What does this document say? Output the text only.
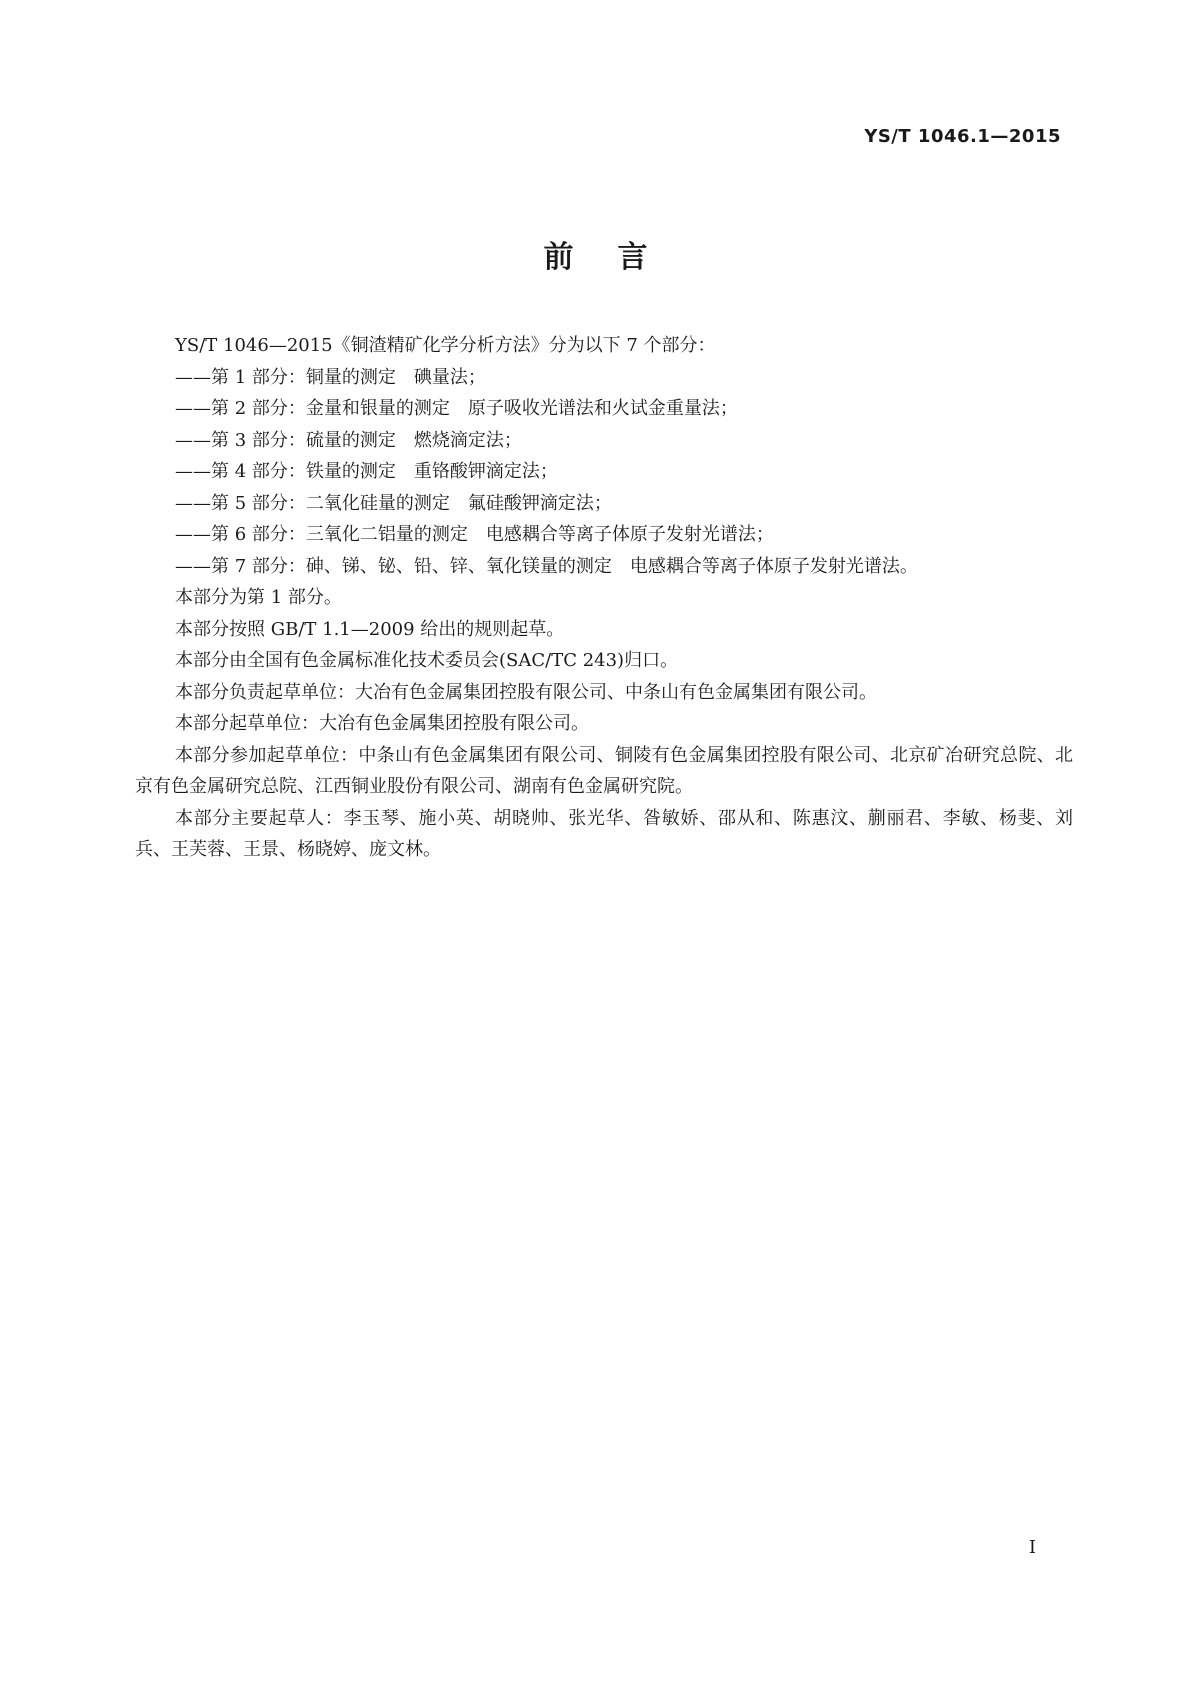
YS/T 1046.1—2015
前言

YS/T 1046—2015《铜渣精矿化学分析方法》分为以下 7 个部分：

——第 1 部分：铜量的测定　碘量法；

——第 2 部分：金量和银量的测定　原子吸收光谱法和火试金重量法；

——第 3 部分：硫量的测定　燃烧滴定法；

——第 4 部分：铁量的测定　重铬酸钾滴定法；

——第 5 部分：二氧化硅量的测定　氟硅酸钾滴定法；

——第 6 部分：三氧化二铝量的测定　电感耦合等离子体原子发射光谱法；

——第 7 部分：砷、锑、铋、铅、锌、氧化镁量的测定　电感耦合等离子体原子发射光谱法。

本部分为第 1 部分。

本部分按照 GB/T 1.1—2009 给出的规则起草。

本部分由全国有色金属标准化技术委员会(SAC/TC 243)归口。

本部分负责起草单位：大冶有色金属集团控股有限公司、中条山有色金属集团有限公司。

本部分起草单位：大冶有色金属集团控股有限公司。

本部分参加起草单位：中条山有色金属集团有限公司、铜陵有色金属集团控股有限公司、北京矿冶研究总院、北京有色金属研究总院、江西铜业股份有限公司、湖南有色金属研究院。

本部分主要起草人：李玉琴、施小英、胡晓帅、张光华、昝敏娇、邵从和、陈惠汶、蒯丽君、李敏、杨斐、刘兵、王芙蓉、王景、杨晓婷、庞文林。

I
